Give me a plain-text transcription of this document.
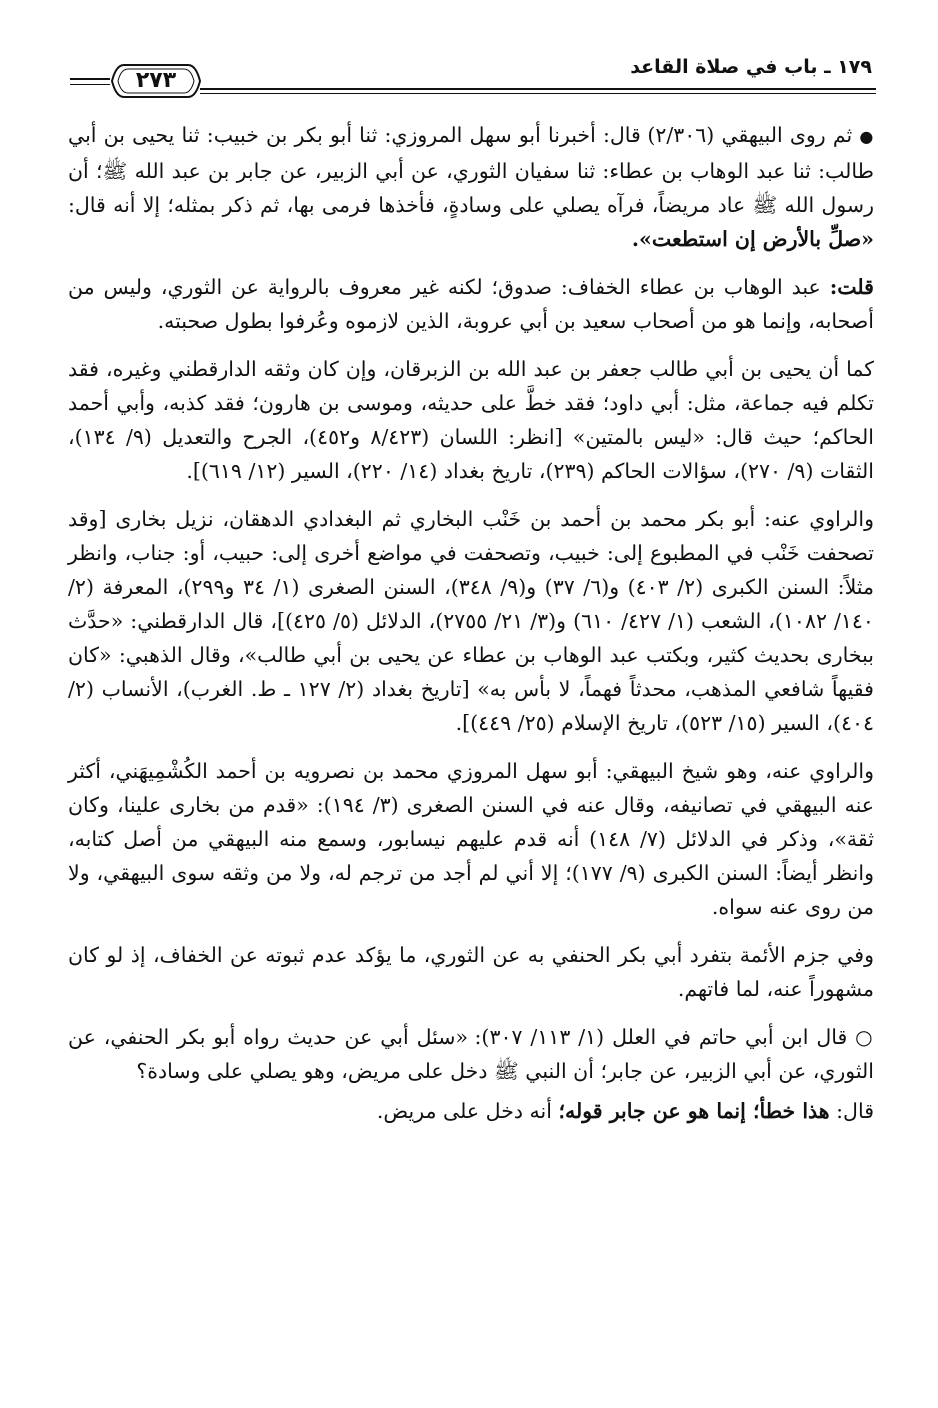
١٧٩ ـ باب في صلاة القاعد
٢٧٣

● ثم روى البيهقي (٢/٣٠٦) قال: أخبرنا أبو سهل المروزي: ثنا أبو بكر بن خبيب: ثنا يحيى بن أبي طالب: ثنا عبد الوهاب بن عطاء: ثنا سفيان الثوري، عن أبي الزبير، عن جابر بن عبد الله ﷺ؛ أن رسول الله ﷺ عاد مريضاً، فرآه يصلي على وسادةٍ، فأخذها فرمى بها، ثم ذكر بمثله؛ إلا أنه قال: «صلِّ بالأرض إن استطعت».

قلت: عبد الوهاب بن عطاء الخفاف: صدوق؛ لكنه غير معروف بالرواية عن الثوري، وليس من أصحابه، وإنما هو من أصحاب سعيد بن أبي عروبة، الذين لازموه وعُرفوا بطول صحبته.

كما أن يحيى بن أبي طالب جعفر بن عبد الله بن الزبرقان، وإن كان وثقه الدارقطني وغيره، فقد تكلم فيه جماعة، مثل: أبي داود؛ فقد خطَّ على حديثه، وموسى بن هارون؛ فقد كذبه، وأبي أحمد الحاكم؛ حيث قال: «ليس بالمتين» [انظر: اللسان (٨/٤٢٣ و٤٥٢)، الجرح والتعديل (٩/ ١٣٤)، الثقات (٩/ ٢٧٠)، سؤالات الحاكم (٢٣٩)، تاريخ بغداد (١٤/ ٢٢٠)، السير (١٢/ ٦١٩)].

والراوي عنه: أبو بكر محمد بن أحمد بن خَنْب البخاري ثم البغدادي الدهقان، نزيل بخارى [وقد تصحفت خَنْب في المطبوع إلى: خبيب، وتصحفت في مواضع أخرى إلى: حبيب، أو: جناب، وانظر مثلاً: السنن الكبرى (٢/ ٤٠٣) و(٦/ ٣٧) و(٩/ ٣٤٨)، السنن الصغرى (١/ ٣٤ و٢٩٩)، المعرفة (٢/ ١٤٠/ ١٠٨٢)، الشعب (١/ ٤٢٧/ ٦١٠) و(٣/ ٢١/ ٢٧٥٥)، الدلائل (٥/ ٤٢٥)]، قال الدارقطني: «حدَّث ببخارى بحديث كثير، وبكتب عبد الوهاب بن عطاء عن يحيى بن أبي طالب»، وقال الذهبي: «كان فقيهاً شافعي المذهب، محدثاً فهماً، لا بأس به» [تاريخ بغداد (٢/ ١٢٧ ـ ط. الغرب)، الأنساب (٢/ ٤٠٤)، السير (١٥/ ٥٢٣)، تاريخ الإسلام (٢٥/ ٤٤٩)].

والراوي عنه، وهو شيخ البيهقي: أبو سهل المروزي محمد بن نصرويه بن أحمد الكُشْمِيهَني، أكثر عنه البيهقي في تصانيفه، وقال عنه في السنن الصغرى (٣/ ١٩٤): «قدم من بخارى علينا، وكان ثقة»، وذكر في الدلائل (٧/ ١٤٨) أنه قدم عليهم نيسابور، وسمع منه البيهقي من أصل كتابه، وانظر أيضاً: السنن الكبرى (٩/ ١٧٧)؛ إلا أني لم أجد من ترجم له، ولا من وثقه سوى البيهقي، ولا من روى عنه سواه.

وفي جزم الأئمة بتفرد أبي بكر الحنفي به عن الثوري، ما يؤكد عدم ثبوته عن الخفاف، إذ لو كان مشهوراً عنه، لما فاتهم.

○ قال ابن أبي حاتم في العلل (١/ ١١٣/ ٣٠٧): «سئل أبي عن حديث رواه أبو بكر الحنفي، عن الثوري، عن أبي الزبير، عن جابر؛ أن النبي ﷺ دخل على مريض، وهو يصلي على وسادة؟

قال: هذا خطأ؛ إنما هو عن جابر قوله؛ أنه دخل على مريض.
